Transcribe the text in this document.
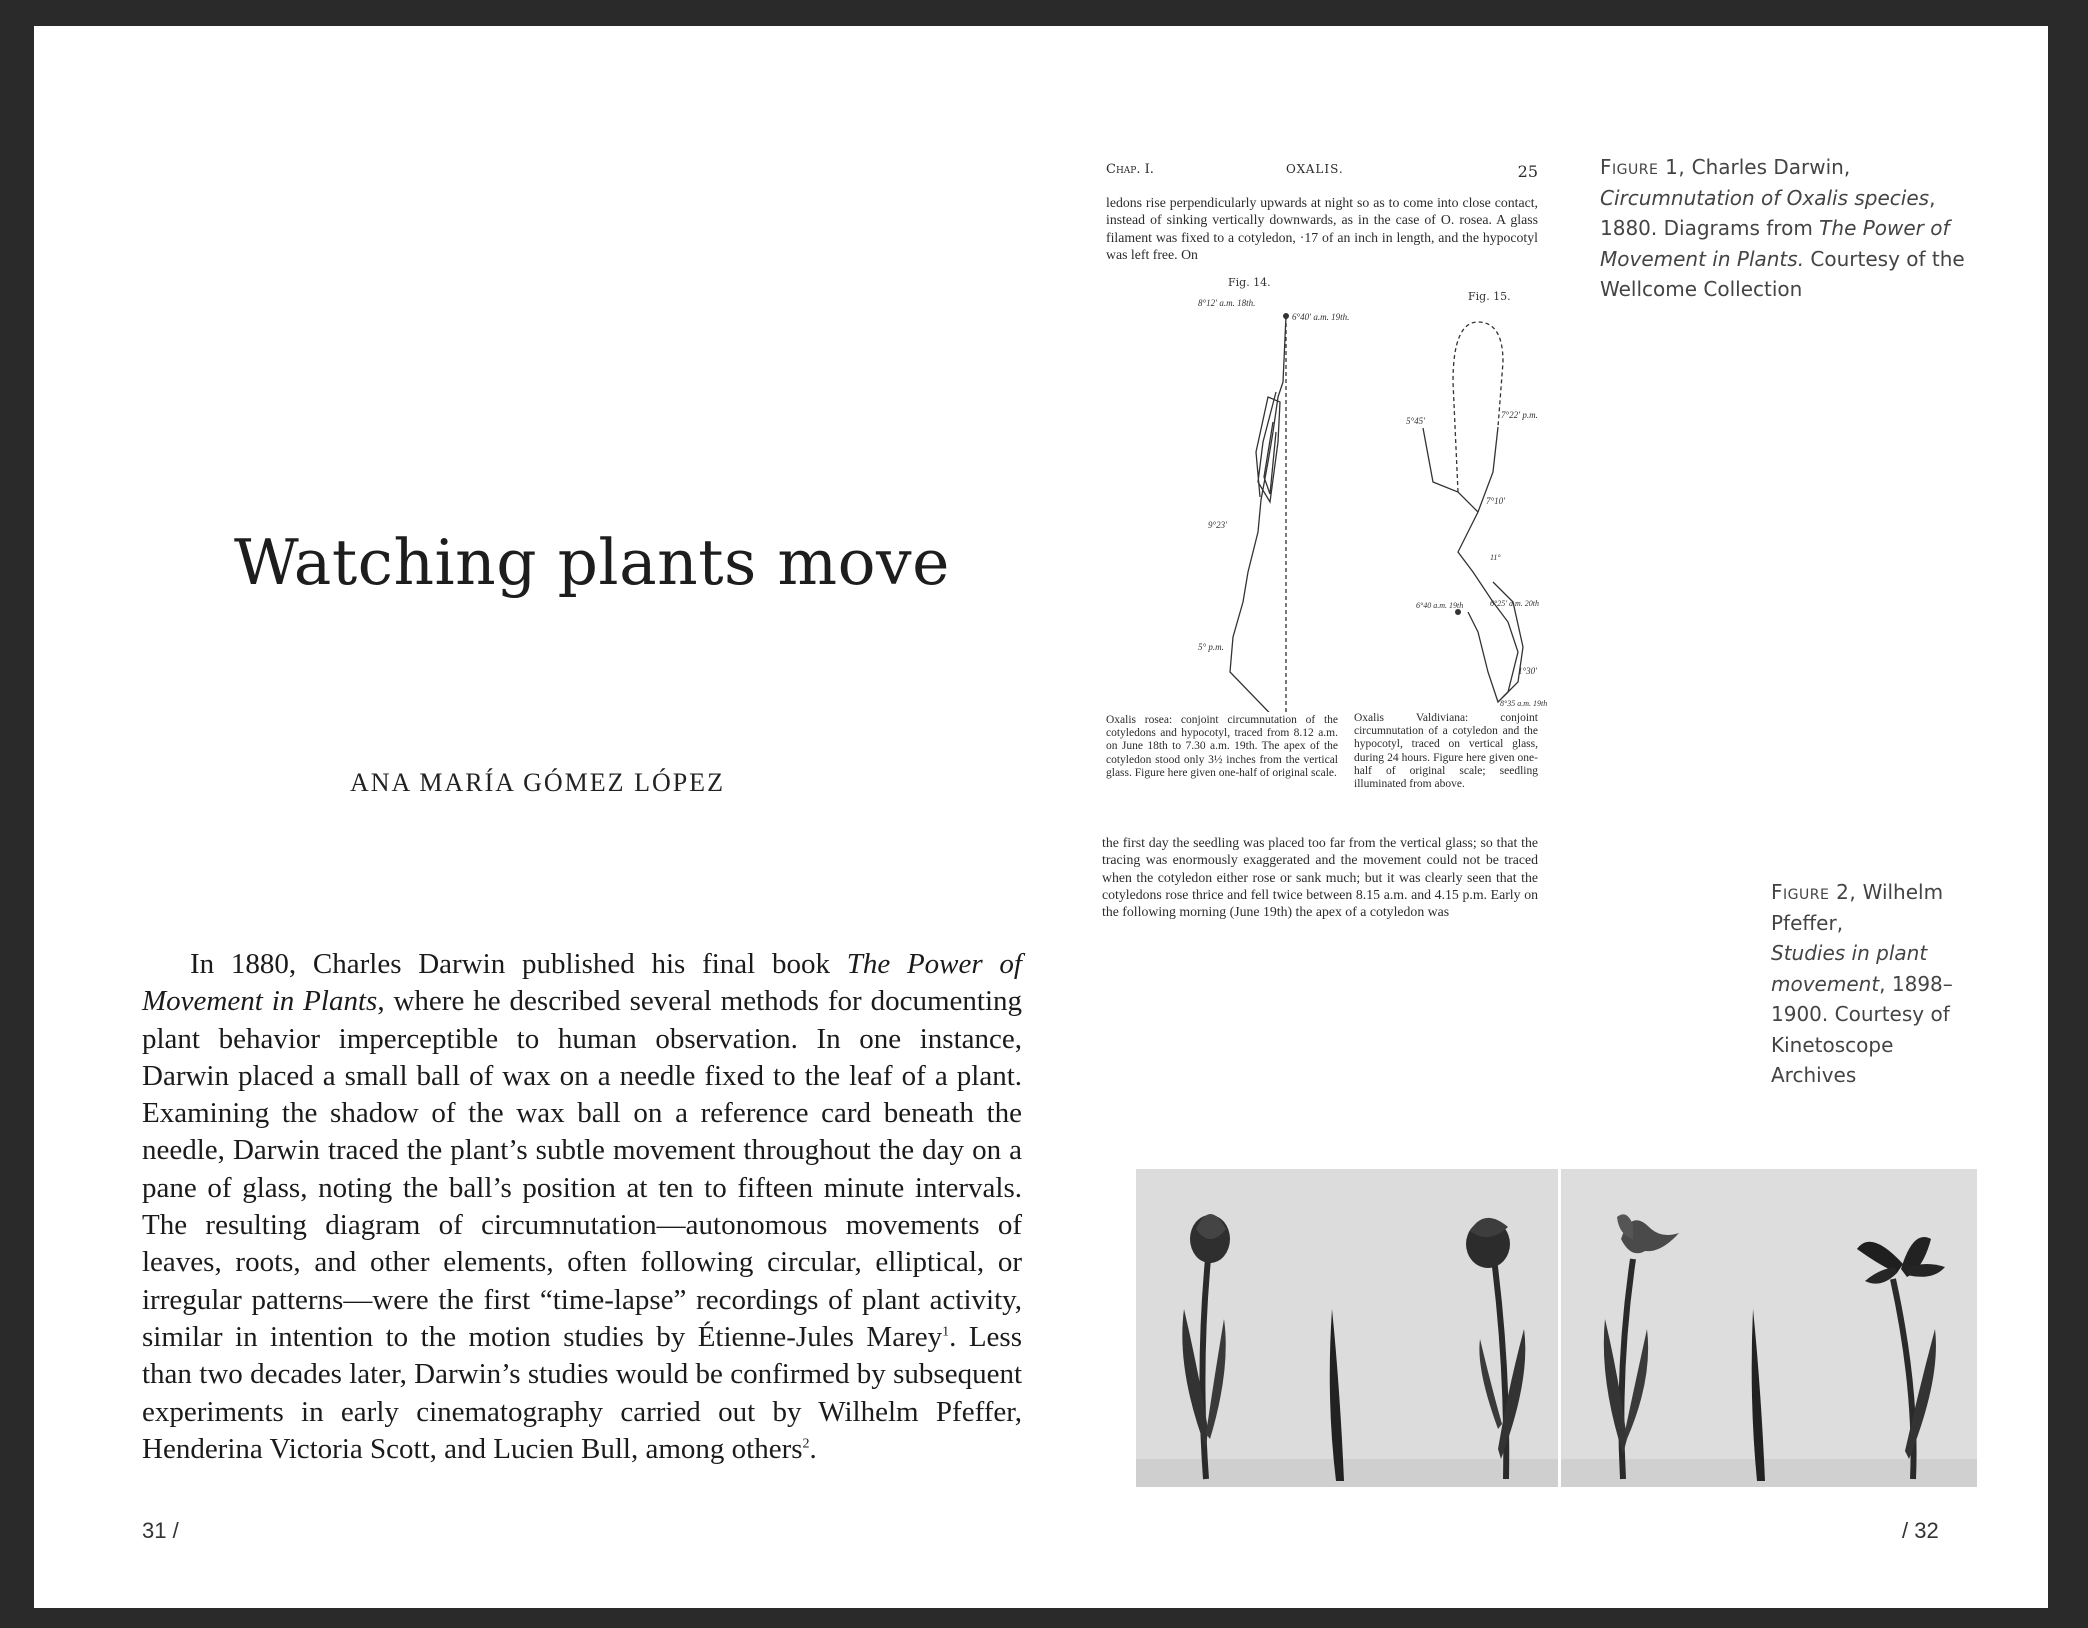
Watching plants move
ANA MARÍA GÓMEZ LÓPEZ

In 1880, Charles Darwin published his final book The Power of Movement in Plants, where he described several methods for documenting plant behavior imperceptible to human observation. In one instance, Darwin placed a small ball of wax on a needle fixed to the leaf of a plant. Examining the shadow of the wax ball on a reference card beneath the needle, Darwin traced the plant’s subtle movement throughout the day on a pane of glass, noting the ball’s position at ten to fifteen minute intervals. The resulting diagram of circumnutation—autonomous movements of leaves, roots, and other elements, often following circular, elliptical, or irregular patterns—were the first “time-lapse” recordings of plant activity, similar in intention to the motion studies by Étienne-Jules Marey$^1$. Less than two decades later, Darwin’s studies would be confirmed by subsequent experiments in early cinematography carried out by Wilhelm Pfeffer, Henderina Victoria Scott, and Lucien Bull, among others$^2$.

31 /	/ 32
Chap. I.	OXALIS.	25

ledons rise perpendicularly upwards at night so as to come into close contact, instead of sinking vertically downwards, as in the case of O. rosea. A glass filament was fixed to a cotyledon, ·17 of an inch in length, and the hypocotyl was left free. On

Fig. 14.
Fig. 15.
8°12′ a.m. 18th.
6°40′ a.m. 19th.
9°23′
5° p.m.
5°45′
7°22′ p.m.
7°10′
11°
6°40 a.m. 19th	6°25′ a.m. 20th
1°30′
8°35 a.m. 19th

Oxalis rosea: conjoint circumnutation of the cotyledons and hypocotyl, traced from 8.12 a.m. on June 18th to 7.30 a.m. 19th. The apex of the cotyledon stood only 3½ inches from the vertical glass. Figure here given one-half of original scale.

Oxalis Valdiviana: conjoint circumnutation of a cotyledon and the hypocotyl, traced on vertical glass, during 24 hours. Figure here given one-half of original scale; seedling illuminated from above.

the first day the seedling was placed too far from the vertical glass; so that the tracing was enormously exaggerated and the movement could not be traced when the cotyledon either rose or sank much; but it was clearly seen that the cotyledons rose thrice and fell twice between 8.15 a.m. and 4.15 p.m. Early on the following morning (June 19th) the apex of a cotyledon was

Figure 1, Charles Darwin,
Circumnutation of Oxalis species, 1880. Diagrams from The Power of Movement in Plants. Courtesy of the Wellcome Collection

Figure 2, Wilhelm Pfeffer,
Studies in plant movement, 1898–1900. Courtesy of Kinetoscope Archives
